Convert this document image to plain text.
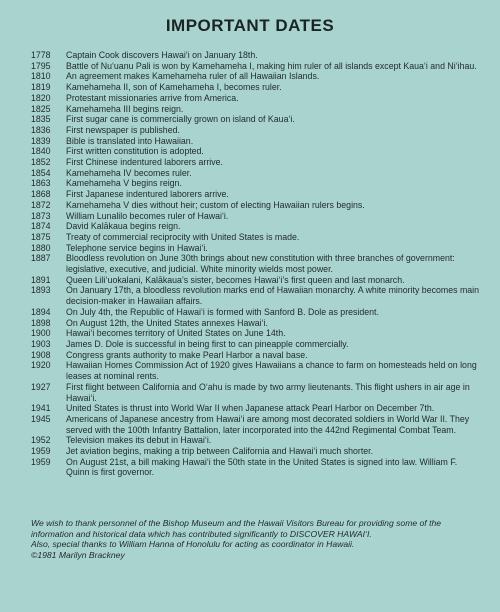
IMPORTANT DATES
1778	Captain Cook discovers Hawai‘i on January 18th.
1795	Battle of Nu‘uanu Pali is won by Kamehameha I, making him ruler of all islands except Kaua‘i and Ni‘ihau.
1810	An agreement makes Kamehameha ruler of all Hawaiian Islands.
1819	Kamehameha II, son of Kamehameha I, becomes ruler.
1820	Protestant missionaries arrive from America.
1825	Kamehameha III begins reign.
1835	First sugar cane is commercially grown on island of Kaua‘i.
1836	First newspaper is published.
1839	Bible is translated into Hawaiian.
1840	First written constitution is adopted.
1852	First Chinese indentured laborers arrive.
1854	Kamehameha IV becomes ruler.
1863	Kamehameha V begins reign.
1868	First Japanese indentured laborers arrive.
1872	Kamehameha V dies without heir; custom of electing Hawaiian rulers begins.
1873	William Lunalilo becomes ruler of Hawai‘i.
1874	David Kalākaua begins reign.
1875	Treaty of commercial reciprocity with United States is made.
1880	Telephone service begins in Hawai‘i.
1887	Bloodless revolution on June 30th brings about new constitution with three branches of government: legislative, executive, and judicial. White minority wields most power.
1891	Queen Lili‘uokalani, Kalākaua’s sister, becomes Hawai‘i’s first queen and last monarch.
1893	On January 17th, a bloodless revolution marks end of Hawaiian monarchy. A white minority becomes main decision-maker in Hawaiian affairs.
1894	On July 4th, the Republic of Hawai‘i is formed with Sanford B. Dole as president.
1898	On August 12th, the United States annexes Hawai‘i.
1900	Hawai‘i becomes territory of United States on June 14th.
1903	James D. Dole is successful in being first to can pineapple commercially.
1908	Congress grants authority to make Pearl Harbor a naval base.
1920	Hawaiian Homes Commission Act of 1920 gives Hawaiians a chance to farm on homesteads held on long leases at nominal rents.
1927	First flight between California and O‘ahu is made by two army lieutenants. This flight ushers in air age in Hawai‘i.
1941	United States is thrust into World War II when Japanese attack Pearl Harbor on December 7th.
1945	Americans of Japanese ancestry from Hawai‘i are among most decorated soldiers in World War II. They served with the 100th Infantry Battalion, later incorporated into the 442nd Regimental Combat Team.
1952	Television makes its debut in Hawai‘i.
1959	Jet aviation begins, making a trip between California and Hawai‘i much shorter.
1959	On August 21st, a bill making Hawai‘i the 50th state in the United States is signed into law. William F. Quinn is first governor.

We wish to thank personnel of the Bishop Museum and the Hawaii Visitors Bureau for providing some of the information and historical data which has contributed significantly to DISCOVER HAWAI‘I.

Also, special thanks to William Hanna of Honolulu for acting as coordinator in Hawaii.

©1981 Marilyn Brackney
